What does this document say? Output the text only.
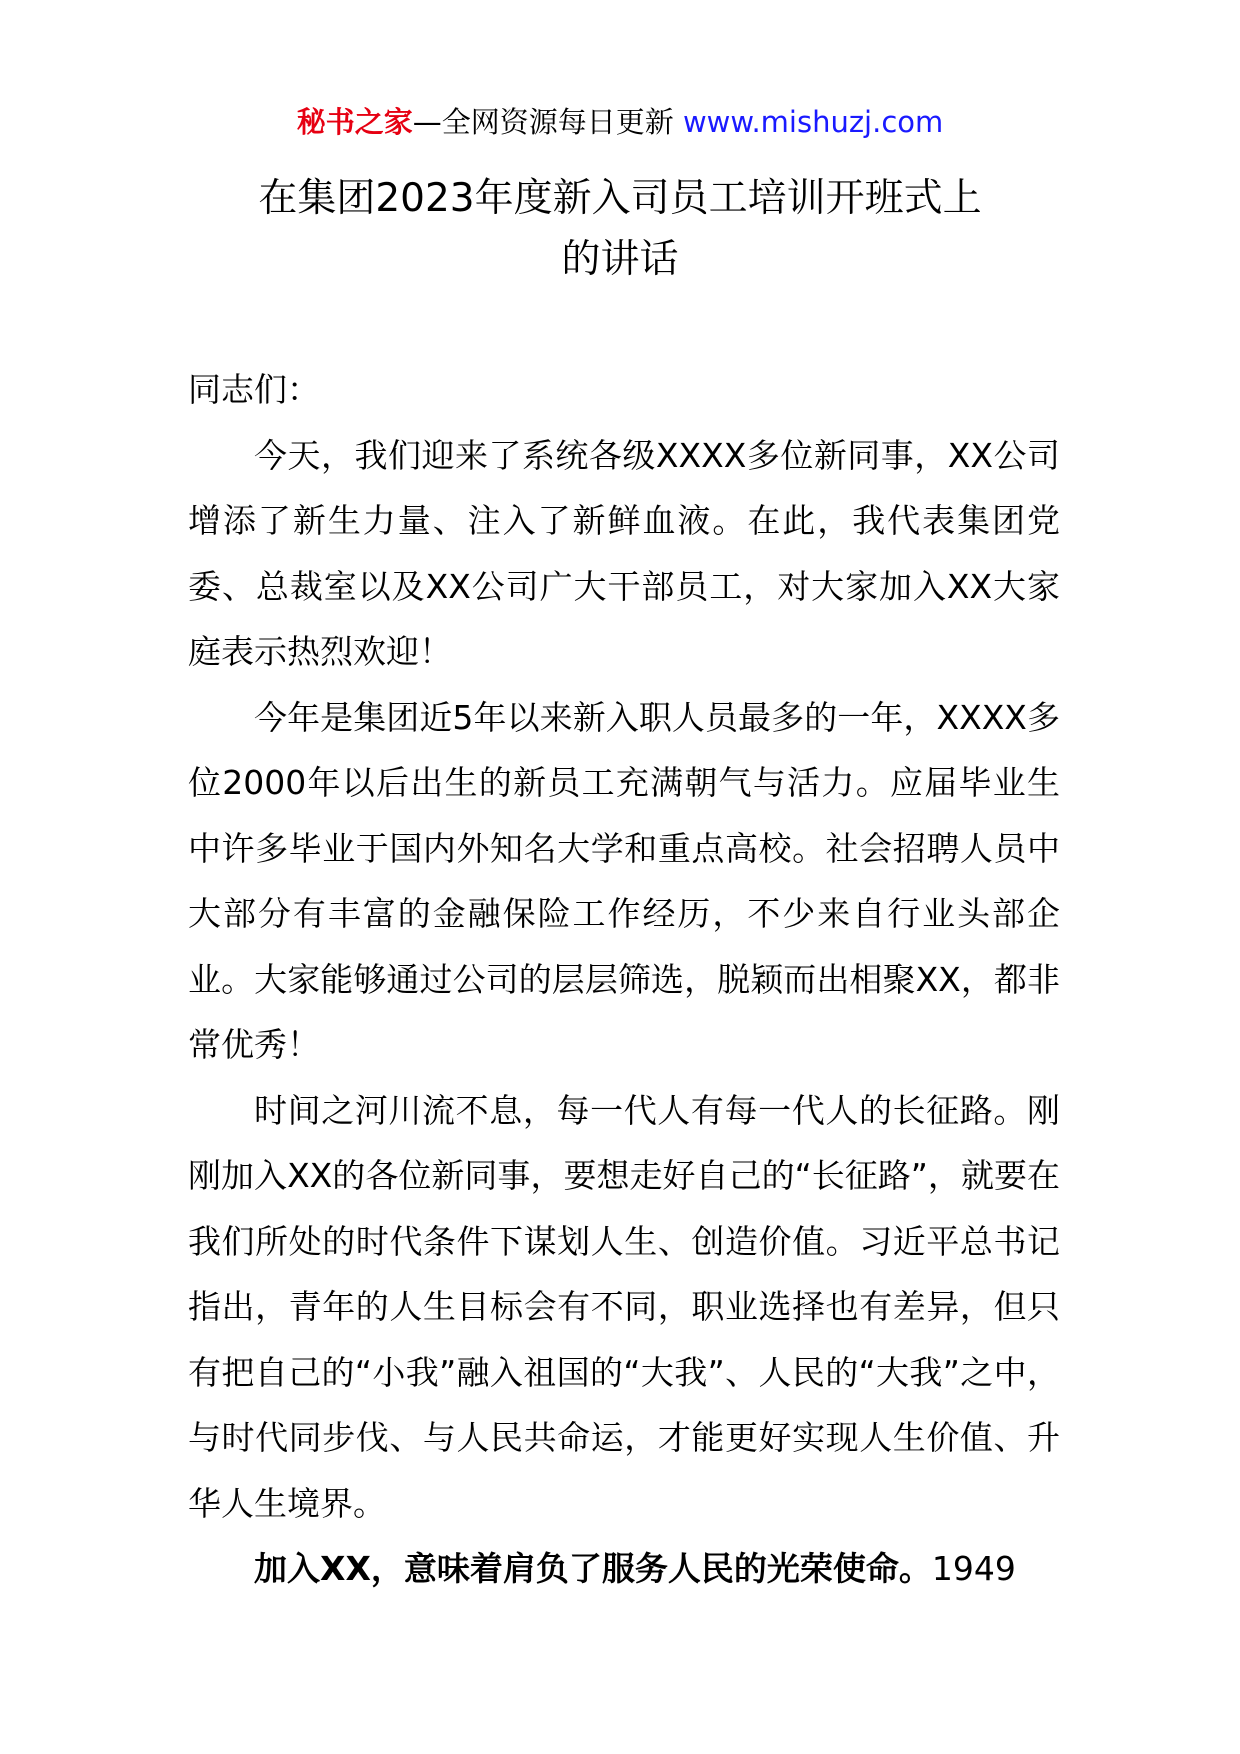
秘书之家—全网资源每日更新 www.mishuzj.com
在集团2023年度新入司员工培训开班式上
的讲话

同志们：

今天，我们迎来了系统各级XXXX多位新同事，XX公司增添了新生力量、注入了新鲜血液。在此，我代表集团党委、总裁室以及XX公司广大干部员工，对大家加入XX大家庭表示热烈欢迎！

今年是集团近5年以来新入职人员最多的一年，XXXX多位2000年以后出生的新员工充满朝气与活力。应届毕业生中许多毕业于国内外知名大学和重点高校。社会招聘人员中大部分有丰富的金融保险工作经历，不少来自行业头部企业。大家能够通过公司的层层筛选，脱颖而出相聚XX，都非常优秀！

时间之河川流不息，每一代人有每一代人的长征路。刚刚加入XX的各位新同事，要想走好自己的“长征路”，就要在我们所处的时代条件下谋划人生、创造价值。习近平总书记指出，青年的人生目标会有不同，职业选择也有差异，但只有把自己的“小我”融入祖国的“大我”、人民的“大我”之中，与时代同步伐、与人民共命运，才能更好实现人生价值、升华人生境界。

加入XX，意味着肩负了服务人民的光荣使命。1949
